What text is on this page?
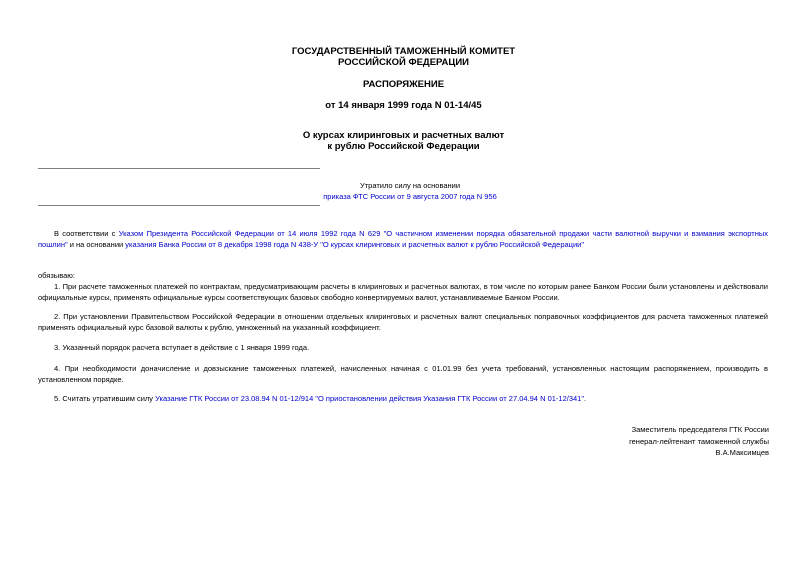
ГОСУДАРСТВЕННЫЙ ТАМОЖЕННЫЙ КОМИТЕТ
РОССИЙСКОЙ ФЕДЕРАЦИИ
РАСПОРЯЖЕНИЕ
от 14 января 1999 года N 01-14/45
О курсах клиринговых и расчетных валют
к рублю Российской Федерации
Утратило силу на основании
приказа ФТС России от 9 августа 2007 года N 956
В соответствии с Указом Президента Российской Федерации от 14 июля 1992 года N 629 "О частичном изменении порядка обязательной продажи части валютной выручки и взимания экспортных пошлин" и на основании указания Банка России от 8 декабря 1998 года N 438-У "О курсах клиринговых и расчетных валют к рублю Российской Федерации"
обязываю:
1. При расчете таможенных платежей по контрактам, предусматривающим расчеты в клиринговых и расчетных валютах, в том числе по которым ранее Банком России были установлены и действовали официальные курсы, применять официальные курсы соответствующих базовых свободно конвертируемых валют, устанавливаемые Банком России.
2. При установлении Правительством Российской Федерации в отношении отдельных клиринговых и расчетных валют специальных поправочных коэффициентов для расчета таможенных платежей применять официальный курс базовой валюты к рублю, умноженный на указанный коэффициент.
3. Указанный порядок расчета вступает в действие с 1 января 1999 года.
4. При необходимости доначисление и довзыскание таможенных платежей, начисленных начиная с 01.01.99 без учета требований, установленных настоящим распоряжением, производить в установленном порядке.
5. Считать утратившим силу Указание ГТК России от 23.08.94 N 01-12/914 "О приостановлении действия Указания ГТК России от 27.04.94 N 01-12/341".
Заместитель председателя ГТК России
генерал-лейтенант таможенной службы
В.А.Максимцев
